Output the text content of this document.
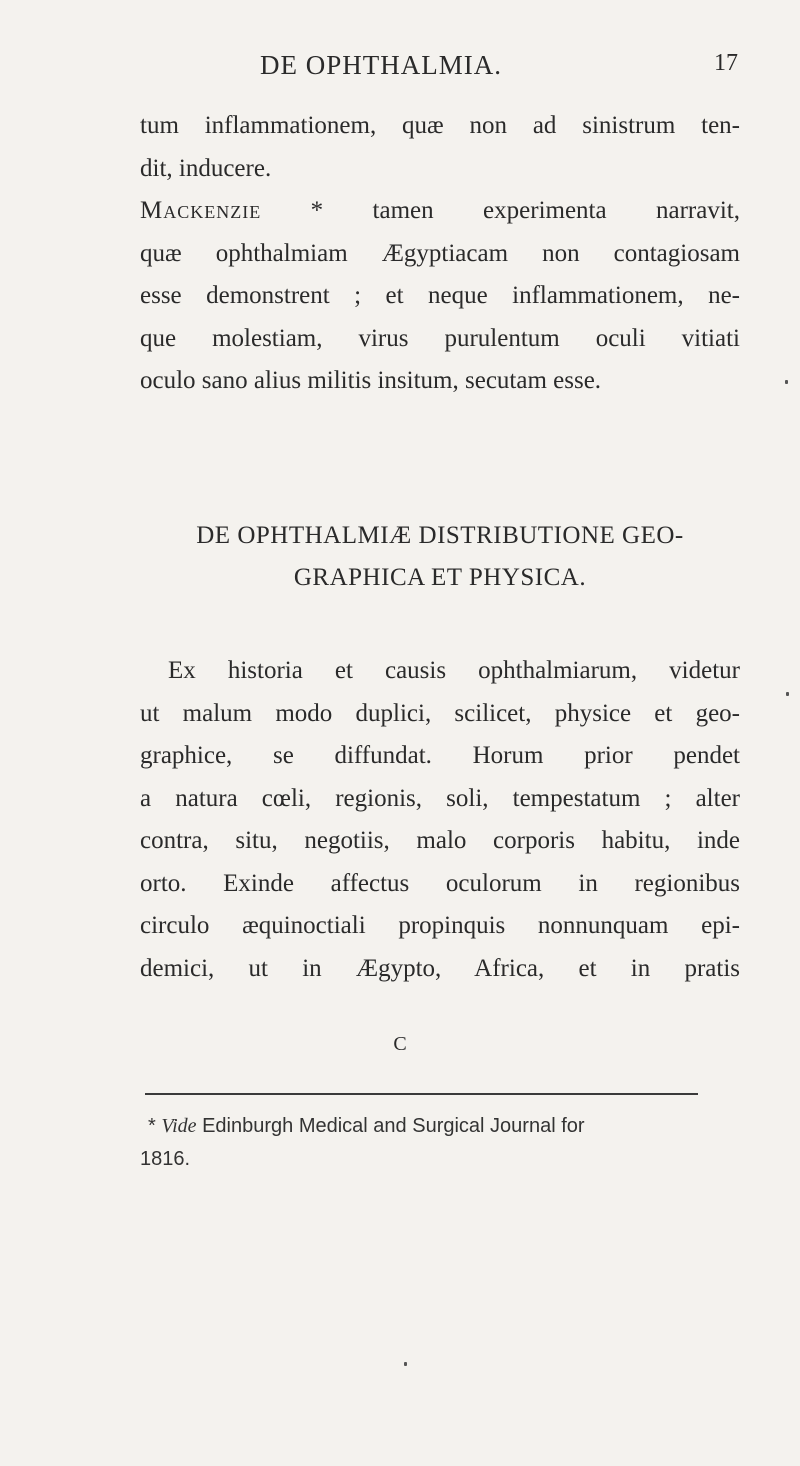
DE OPHTHALMIA.	17
tum inflammationem, quæ non ad sinistrum ten-
dit, inducere.
Mackenzie * tamen experimenta narravit,
quæ ophthalmiam Ægyptiacam non contagiosam
esse demonstrent ; et neque inflammationem, ne-
que molestiam, virus purulentum oculi vitiati
oculo sano alius militis insitum, secutam esse.
DE OPHTHALMIÆ DISTRIBUTIONE GEO-
GRAPHICA ET PHYSICA.
Ex historia et causis ophthalmiarum, videtur
ut malum modo duplici, scilicet, physice et geo-
graphice, se diffundat. Horum prior pendet
a natura cœli, regionis, soli, tempestatum ; alter
contra, situ, negotiis, malo corporis habitu, inde
orto. Exinde affectus oculorum in regionibus
circulo æquinoctiali propinquis nonnunquam epi-
demici, ut in Ægypto, Africa, et in pratis
C
* Vide Edinburgh Medical and Surgical Journal for
1816.
